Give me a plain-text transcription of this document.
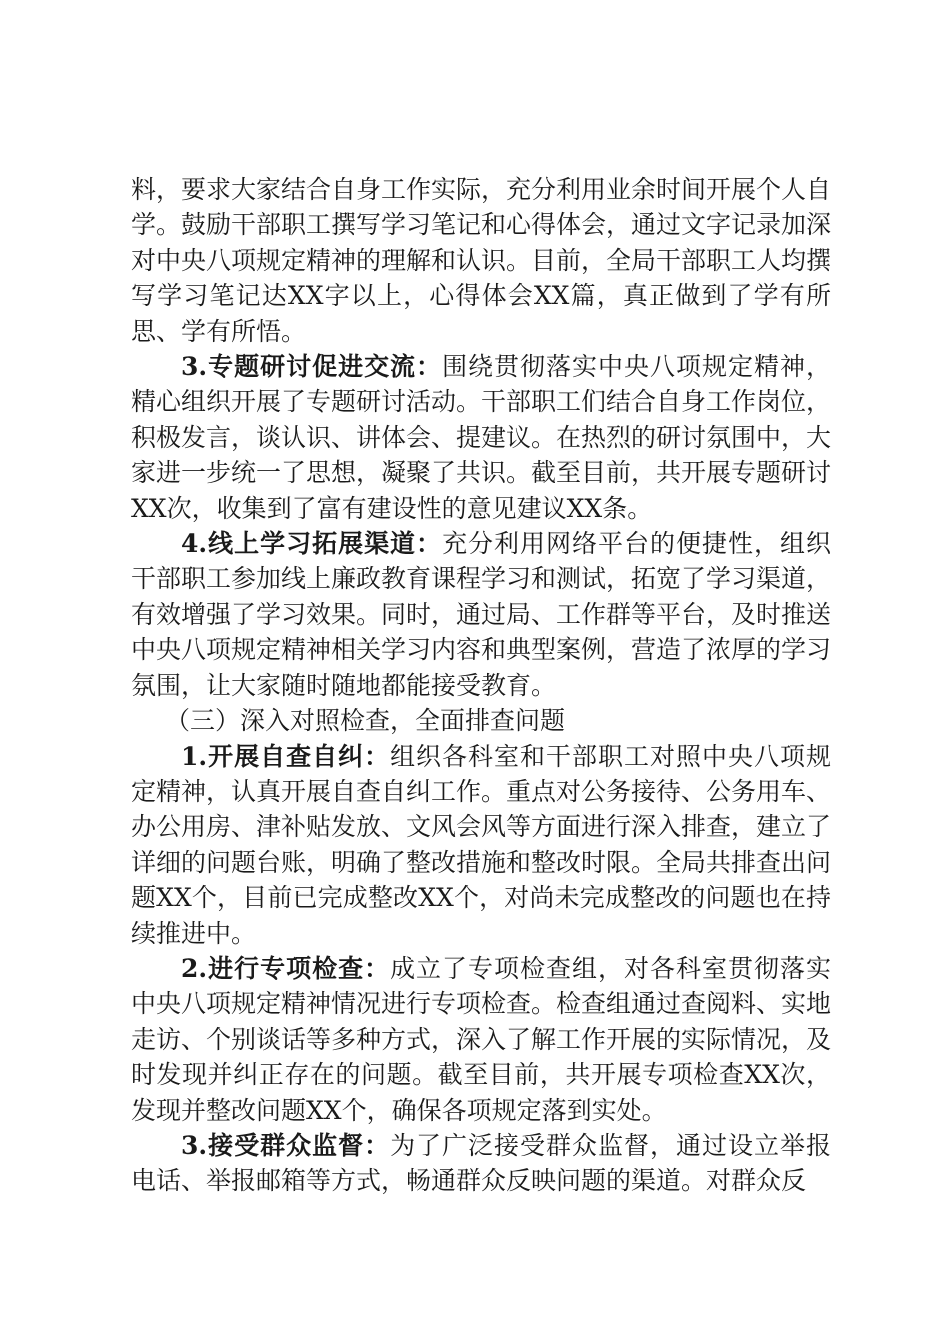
料，要求大家结合自身工作实际，充分利用业余时间开展个人自学。鼓励干部职工撰写学习笔记和心得体会，通过文字记录加深对中央八项规定精神的理解和认识。目前，全局干部职工人均撰写学习笔记达XX字以上，心得体会XX篇，真正做到了学有所思、学有所悟。

3.专题研讨促进交流：围绕贯彻落实中央八项规定精神，精心组织开展了专题研讨活动。干部职工们结合自身工作岗位，积极发言，谈认识、讲体会、提建议。在热烈的研讨氛围中，大家进一步统一了思想，凝聚了共识。截至目前，共开展专题研讨XX次，收集到了富有建设性的意见建议XX条。

4.线上学习拓展渠道：充分利用网络平台的便捷性，组织干部职工参加线上廉政教育课程学习和测试，拓宽了学习渠道，有效增强了学习效果。同时，通过局、工作群等平台，及时推送中央八项规定精神相关学习内容和典型案例，营造了浓厚的学习氛围，让大家随时随地都能接受教育。

（三）深入对照检查，全面排查问题

1.开展自查自纠：组织各科室和干部职工对照中央八项规定精神，认真开展自查自纠工作。重点对公务接待、公务用车、办公用房、津补贴发放、文风会风等方面进行深入排查，建立了详细的问题台账，明确了整改措施和整改时限。全局共排查出问题XX个，目前已完成整改XX个，对尚未完成整改的问题也在持续推进中。

2.进行专项检查：成立了专项检查组，对各科室贯彻落实中央八项规定精神情况进行专项检查。检查组通过查阅料、实地走访、个别谈话等多种方式，深入了解工作开展的实际情况，及时发现并纠正存在的问题。截至目前，共开展专项检查XX次，发现并整改问题XX个，确保各项规定落到实处。

3.接受群众监督：为了广泛接受群众监督，通过设立举报电话、举报邮箱等方式，畅通群众反映问题的渠道。对群众反
